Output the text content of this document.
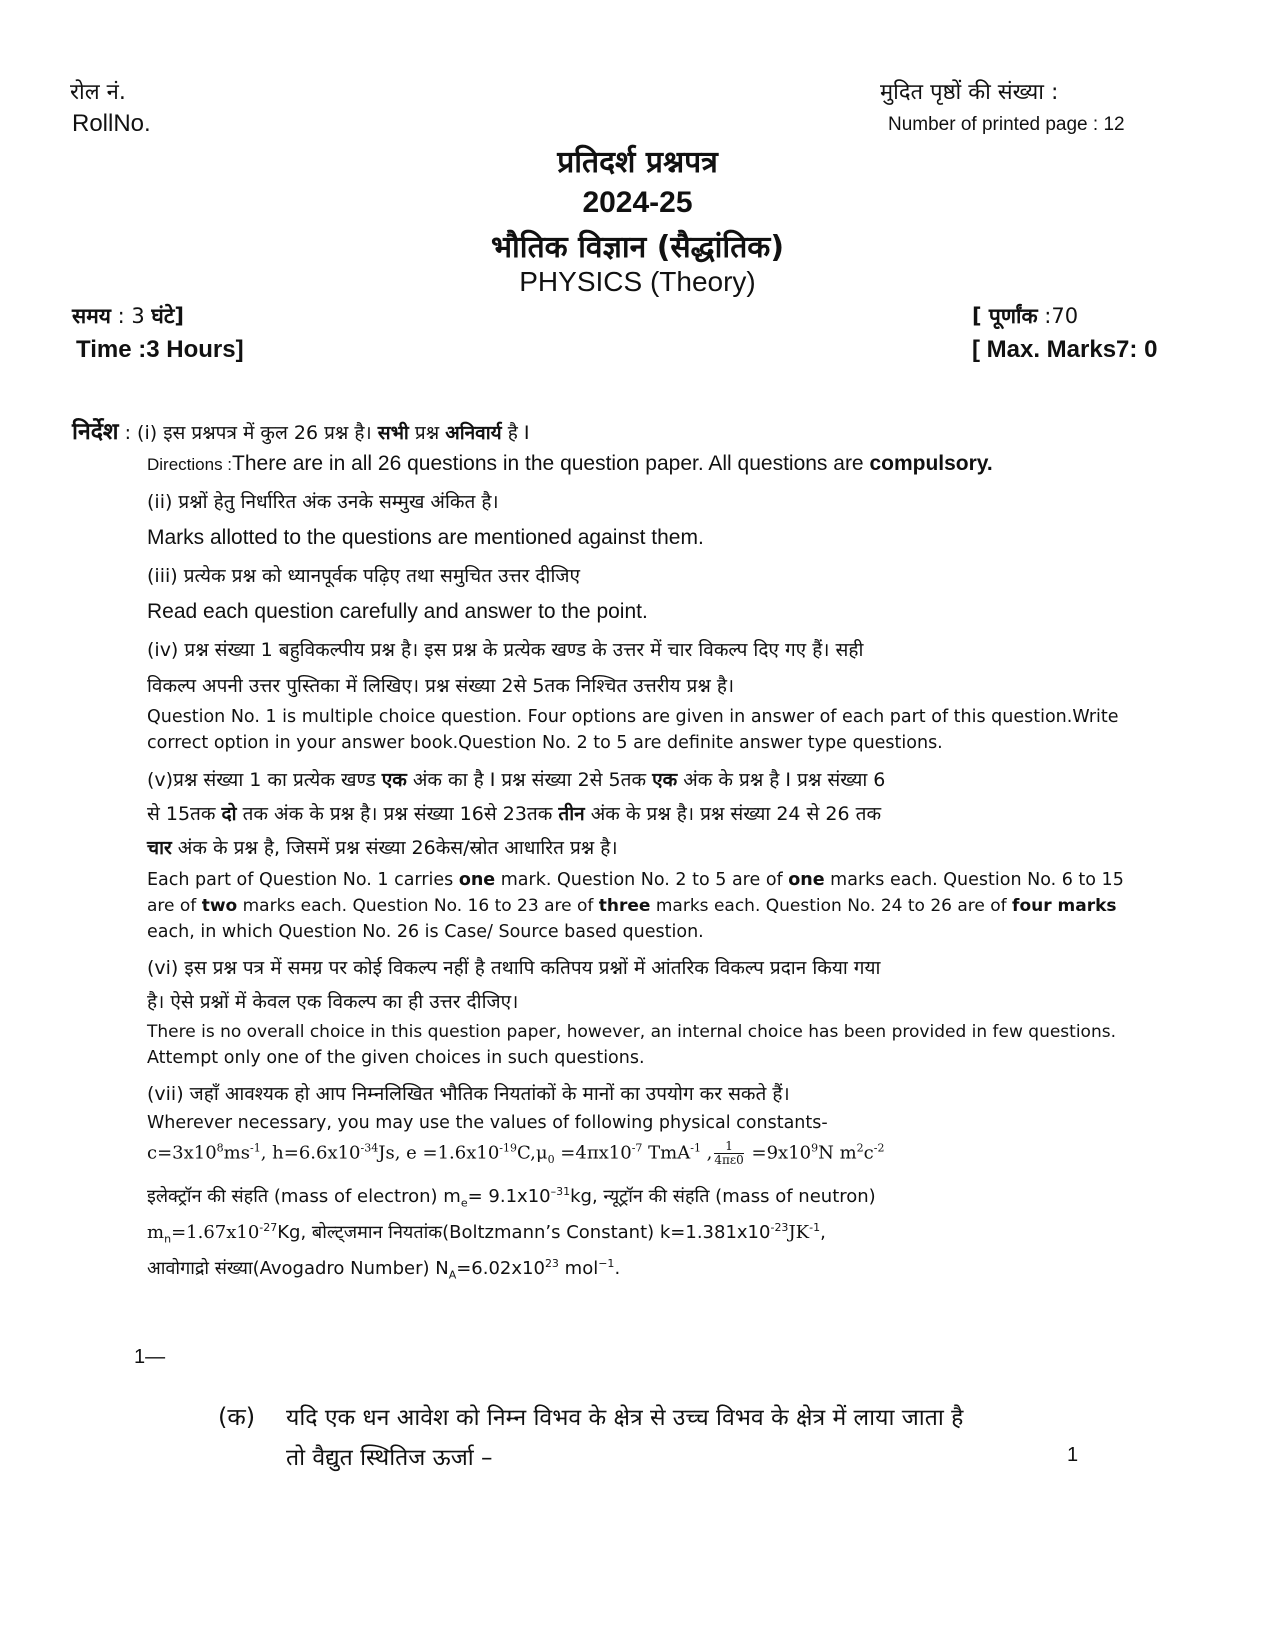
रोल नं.
RollNo.
मुदित पृष्ठों की संख्या :
Number of printed page : 12
प्रतिदर्श प्रश्नपत्र
2024-25
भौतिक विज्ञान (सैद्धांतिक)
PHYSICS (Theory)
समय : 3 घंटे]	[ पूर्णांक :70
Time :3 Hours]	[ Max. Marks7: 0
निर्देश : (i) इस प्रश्नपत्र में कुल 26 प्रश्न है। सभी प्रश्न अनिवार्य है I
Directions :There are in all 26 questions in the question paper. All questions are compulsory.
(ii) प्रश्नों हेतु निर्धारित अंक उनके सम्मुख अंकित है।
Marks allotted to the questions are mentioned against them.
(iii) प्रत्येक प्रश्न को ध्यानपूर्वक पढ़िए तथा समुचित उत्तर दीजिए
Read each question carefully and answer to the point.
(iv) प्रश्न संख्या 1 बहुविकल्पीय प्रश्न है। इस प्रश्न के प्रत्येक खण्ड के उत्तर में चार विकल्प दिए गए हैं। सही
विकल्प अपनी उत्तर पुस्तिका में लिखिए। प्रश्न संख्या 2से 5तक निश्चित उत्तरीय प्रश्न है।
Question No. 1 is multiple choice question. Four options are given in answer of each part of this question.Write
correct option in your answer book.Question No. 2 to 5 are definite answer type questions.
(v)प्रश्न संख्या 1 का प्रत्येक खण्ड एक अंक का है I प्रश्न संख्या 2से 5तक एक अंक के प्रश्न है I प्रश्न संख्या 6
से 15तक दो तक अंक के प्रश्न है। प्रश्न संख्या 16से 23तक तीन अंक के प्रश्न है। प्रश्न संख्या 24 से 26 तक
चार अंक के प्रश्न है, जिसमें प्रश्न संख्या 26केस/स्रोत आधारित प्रश्न है।
Each part of Question No. 1 carries one mark. Question No. 2 to 5 are of one marks each. Question No. 6 to 15
are of two marks each. Question No. 16 to 23 are of three marks each. Question No. 24 to 26 are of four marks
each, in which Question No. 26 is Case/ Source based question.
(vi) इस प्रश्न पत्र में समग्र पर कोई विकल्प नहीं है तथापि कतिपय प्रश्नों में आंतरिक विकल्प प्रदान किया गया
है। ऐसे प्रश्नों में केवल एक विकल्प का ही उत्तर दीजिए।
There is no overall choice in this question paper, however, an internal choice has been provided in few questions.
Attempt only one of the given choices in such questions.
(vii) जहाँ आवश्यक हो आप निम्नलिखित भौतिक नियतांकों के मानों का उपयोग कर सकते हैं।
Wherever necessary, you may use the values of following physical constants-
$c=3x10^8ms^{-1}$, $h=6.6x10^{-34}Js$, $e =1.6x10^{-19}C,\mu_0 =4\pi x10^{-7}$ TmA$^{-1}$ , $\frac{1}{4\pi\varepsilon 0} =9x10^9N$ $m^2c^{-2}$
इलेक्ट्रॉन की संहति (mass of electron) $m_e= 9.1x10^{-31}kg$, न्यूट्रॉन की संहति (mass of neutron)
$m_n=1.67x10^{-27}Kg$, बोल्ट्जमान नियतांक(Boltzmann’s Constant) $k=1.381x10^{-23}JK^{-1}$,
आवोगाद्रो संख्या(Avogadro Number) $N_A=6.02x10^{23}$ mol$^{-1}$.
1—
(क) यदि एक धन आवेश को निम्न विभव के क्षेत्र से उच्च विभव के क्षेत्र में लाया जाता है
तो वैद्युत स्थितिज ऊर्जा –	1
